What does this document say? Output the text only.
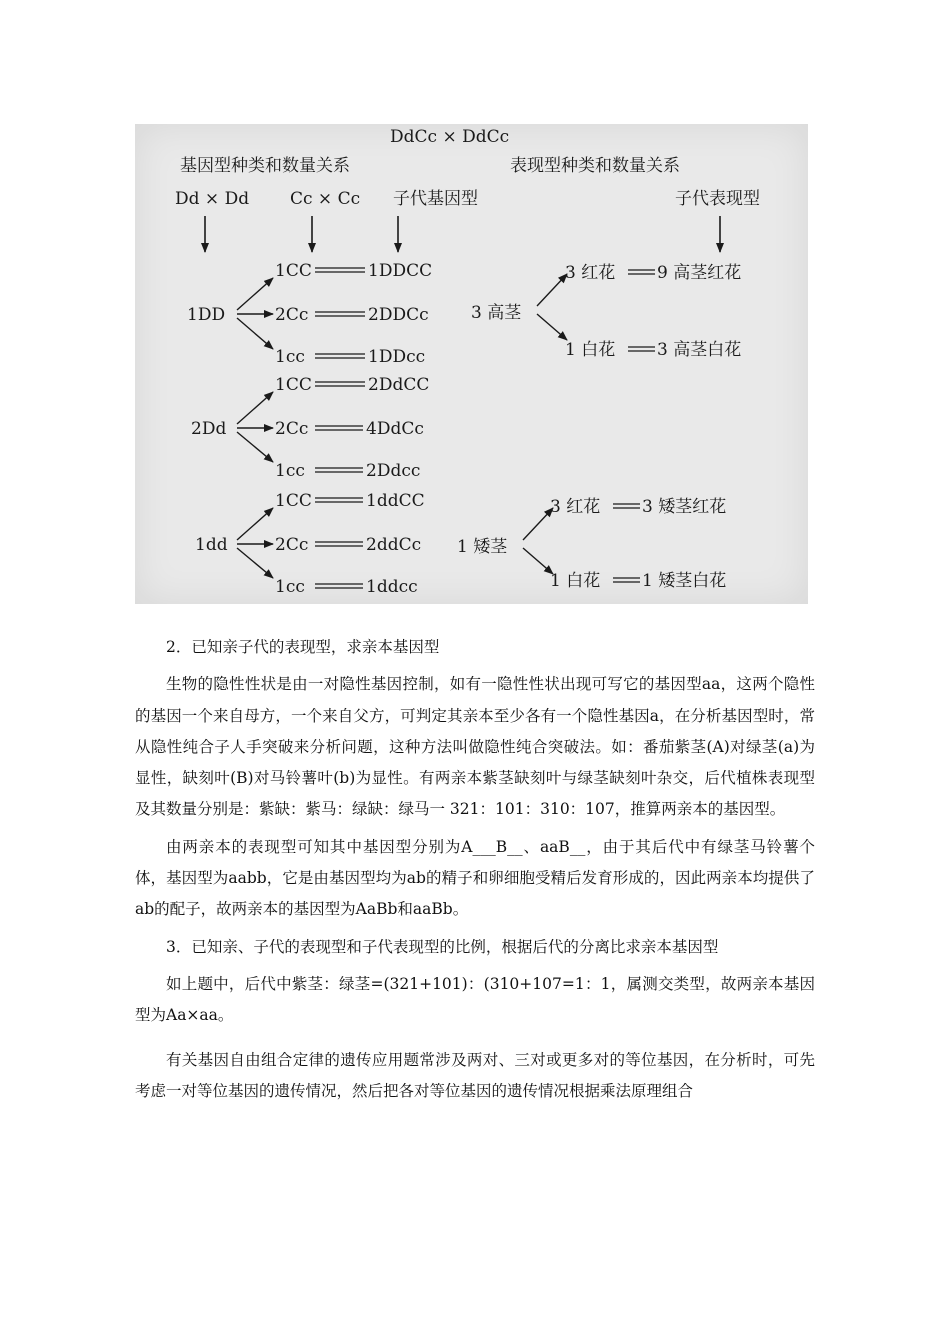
DdCc × DdCc
基因型种类和数量关系	表现型种类和数量关系
Dd × Dd Cc × Cc 子代基因型	子代表现型
1DD
1CC
2Cc
1cc
1DDCC
2DDCc
1DDcc
2Dd
1CC
2Cc
1cc
2DdCC
4DdCc
2Ddcc
1dd
1CC
2Cc
1cc
1ddCC
2ddCc
1ddcc
3 高茎
3 红花
1 白花
9 高茎红花
3 高茎白花
1 矮茎
3 红花
1 白花
3 矮茎红花
1 矮茎白花

2．已知亲子代的表现型，求亲本基因型

生物的隐性性状是由一对隐性基因控制，如有一隐性性状出现可写它的基因型aa，这两个隐性的基因一个来自母方，一个来自父方，可判定其亲本至少各有一个隐性基因a，在分析基因型时，常从隐性纯合子人手突破来分析问题，这种方法叫做隐性纯合突破法。如：番茄紫茎(A)对绿茎(a)为显性，缺刻叶(B)对马铃薯叶(b)为显性。有两亲本紫茎缺刻叶与绿茎缺刻叶杂交，后代植株表现型及其数量分别是：紫缺：紫马：绿缺：绿马一 321：101：310：107，推算两亲本的基因型。

由两亲本的表现型可知其中基因型分别为A___B__、aaB__，由于其后代中有绿茎马铃薯个体，基因型为aabb，它是由基因型均为ab的精子和卵细胞受精后发育形成的，因此两亲本均提供了ab的配子，故两亲本的基因型为AaBb和aaBb。

3．已知亲、子代的表现型和子代表现型的比例，根据后代的分离比求亲本基因型

如上题中，后代中紫茎：绿茎=(321+101)：(310+107=1：1，属测交类型，故两亲本基因型为Aa×aa。

有关基因自由组合定律的遗传应用题常涉及两对、三对或更多对的等位基因，在分析时，可先考虑一对等位基因的遗传情况，然后把各对等位基因的遗传情况根据乘法原理组合
